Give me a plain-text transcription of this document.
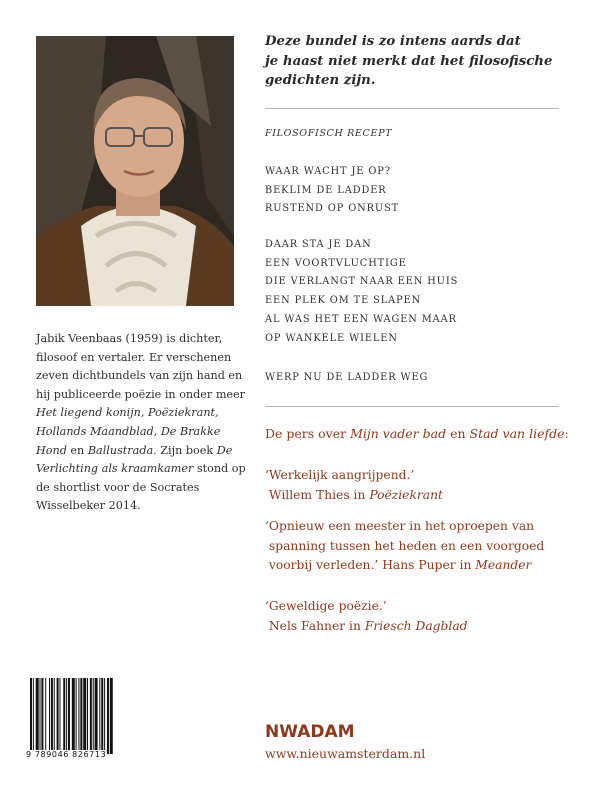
Jabik Veenbaas (1959) is dichter, filosoof en vertaler. Er verschenen zeven dichtbundels van zijn hand en hij publiceerde poëzie in onder meer Het liegend konijn, Poëziekrant, Hollands Maandblad, De Brakke Hond en Ballustrada. Zijn boek De Verlichting als kraamkamer stond op de shortlist voor de Socrates Wisselbeker 2014.
Deze bundel is zo intens aards dat
je haast niet merkt dat het filosofische
gedichten zijn.
FILOSOFISCH RECEPT
WAAR WACHT JE OP?
BEKLIM DE LADDER
RUSTEND OP ONRUST
DAAR STA JE DAN
EEN VOORTVLUCHTIGE
DIE VERLANGT NAAR EEN HUIS
EEN PLEK OM TE SLAPEN
AL WAS HET EEN WAGEN MAAR
OP WANKELE WIELEN
WERP NU DE LADDER WEG
De pers over Mijn vader bad en Stad van liefde:
‘Werkelijk aangrijpend.’
Willem Thies in Poëziekrant
‘Opnieuw een meester in het oproepen van
spanning tussen het heden en een voorgoed
voorbij verleden.’ Hans Puper in Meander
‘Geweldige poëzie.’
Nels Fahner in Friesch Dagblad
NWADAM
www.nieuwamsterdam.nl
9 789046 826713
